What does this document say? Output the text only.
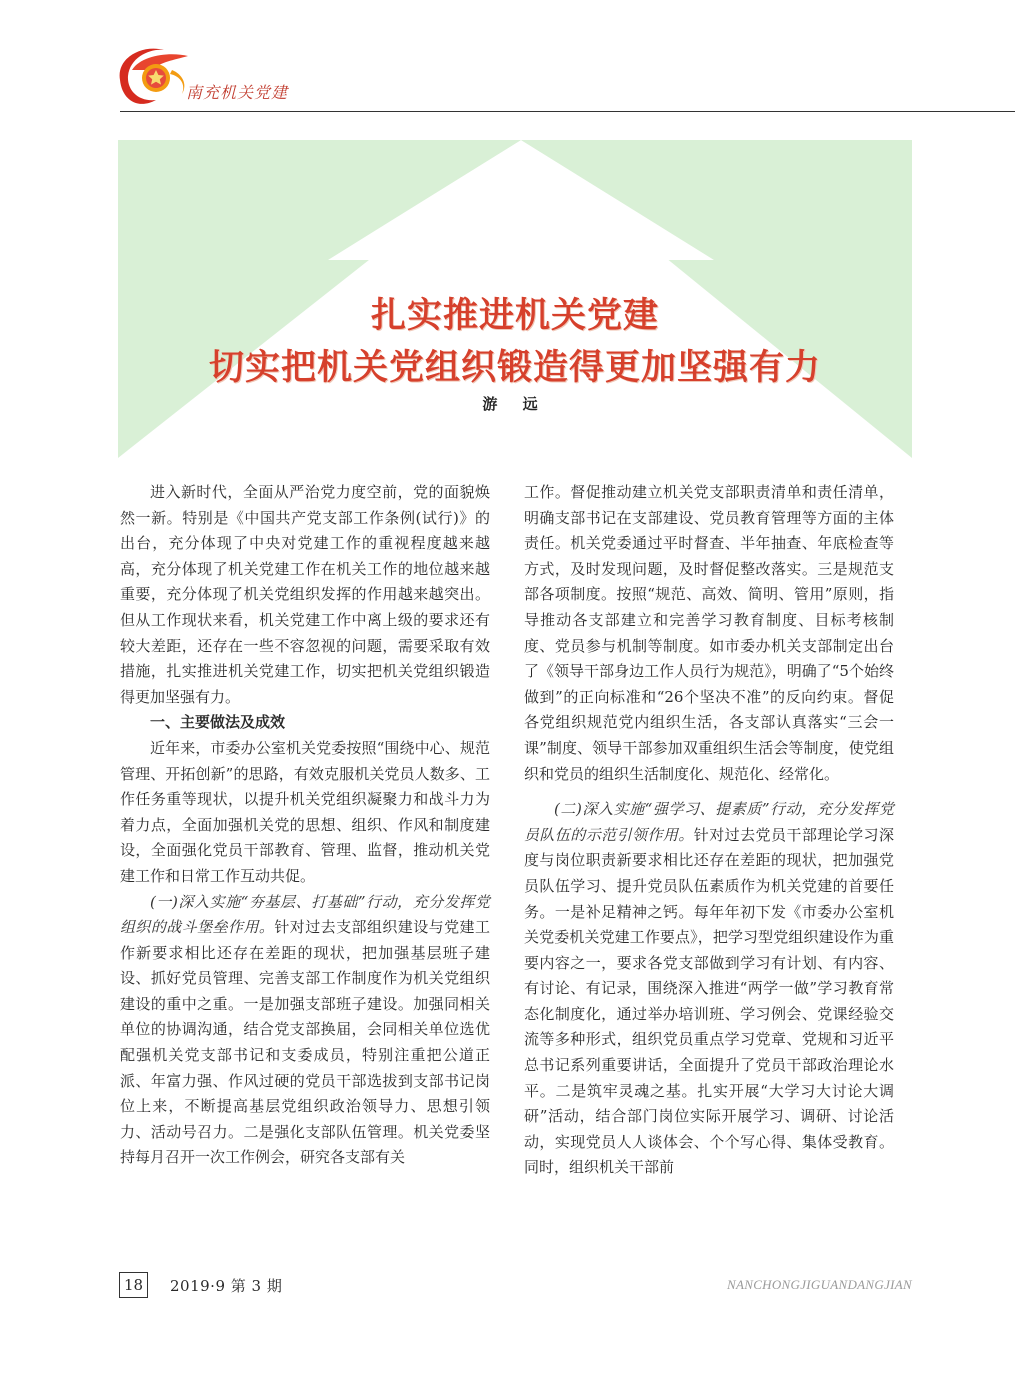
南充机关党建
扎实推进机关党建
切实把机关党组织锻造得更加坚强有力
游 远

进入新时代，全面从严治党力度空前，党的面貌焕然一新。特别是《中国共产党支部工作条例(试行)》的出台，充分体现了中央对党建工作的重视程度越来越高，充分体现了机关党建工作在机关工作的地位越来越重要，充分体现了机关党组织发挥的作用越来越突出。但从工作现状来看，机关党建工作中离上级的要求还有较大差距，还存在一些不容忽视的问题，需要采取有效措施，扎实推进机关党建工作，切实把机关党组织锻造得更加坚强有力。

一、主要做法及成效

近年来，市委办公室机关党委按照“围绕中心、规范管理、开拓创新”的思路，有效克服机关党员人数多、工作任务重等现状，以提升机关党组织凝聚力和战斗力为着力点，全面加强机关党的思想、组织、作风和制度建设，全面强化党员干部教育、管理、监督，推动机关党建工作和日常工作互动共促。

(一)深入实施“夯基层、打基础”行动，充分发挥党组织的战斗堡垒作用。针对过去支部组织建设与党建工作新要求相比还存在差距的现状，把加强基层班子建设、抓好党员管理、完善支部工作制度作为机关党组织建设的重中之重。一是加强支部班子建设。加强同相关单位的协调沟通，结合党支部换届，会同相关单位选优配强机关党支部书记和支委成员，特别注重把公道正派、年富力强、作风过硬的党员干部选拔到支部书记岗位上来，不断提高基层党组织政治领导力、思想引领力、活动号召力。二是强化支部队伍管理。机关党委坚持每月召开一次工作例会，研究各支部有关

工作。督促推动建立机关党支部职责清单和责任清单，明确支部书记在支部建设、党员教育管理等方面的主体责任。机关党委通过平时督查、半年抽查、年底检查等方式，及时发现问题，及时督促整改落实。三是规范支部各项制度。按照“规范、高效、简明、管用”原则，指导推动各支部建立和完善学习教育制度、目标考核制度、党员参与机制等制度。如市委办机关支部制定出台了《领导干部身边工作人员行为规范》，明确了“5个始终做到”的正向标准和“26个坚决不准”的反向约束。督促各党组织规范党内组织生活，各支部认真落实“三会一课”制度、领导干部参加双重组织生活会等制度，使党组织和党员的组织生活制度化、规范化、经常化。

(二)深入实施“强学习、提素质”行动，充分发挥党员队伍的示范引领作用。针对过去党员干部理论学习深度与岗位职责新要求相比还存在差距的现状，把加强党员队伍学习、提升党员队伍素质作为机关党建的首要任务。一是补足精神之钙。每年年初下发《市委办公室机关党委机关党建工作要点》，把学习型党组织建设作为重要内容之一，要求各党支部做到学习有计划、有内容、有讨论、有记录，围绕深入推进“两学一做”学习教育常态化制度化，通过举办培训班、学习例会、党课经验交流等多种形式，组织党员重点学习党章、党规和习近平总书记系列重要讲话，全面提升了党员干部政治理论水平。二是筑牢灵魂之基。扎实开展“大学习大讨论大调研”活动，结合部门岗位实际开展学习、调研、讨论活动，实现党员人人谈体会、个个写心得、集体受教育。同时，组织机关干部前

18	2019·9 第 3 期	NANCHONGJIGUANDANGJIAN
